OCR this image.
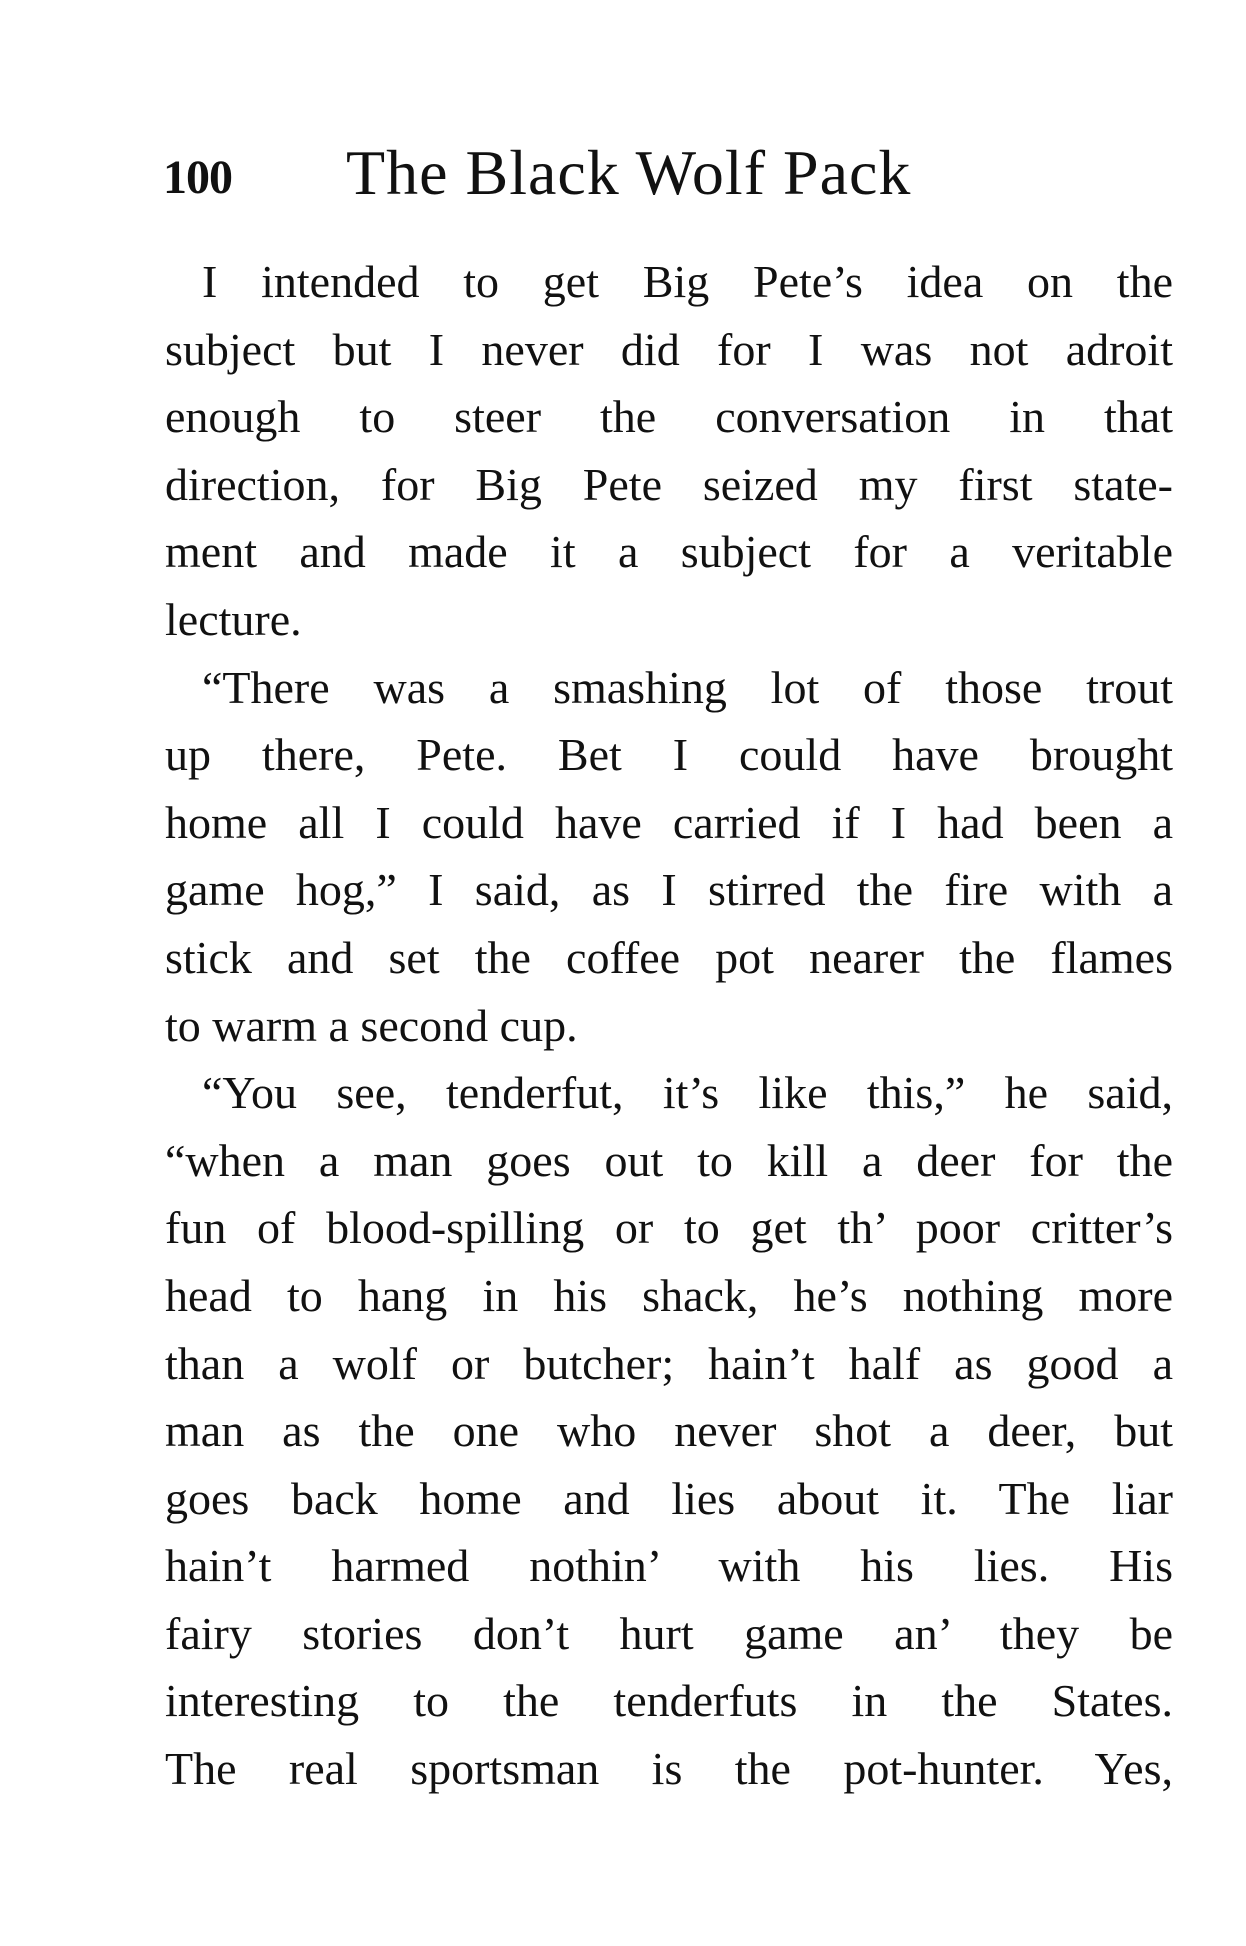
100 The Black Wolf Pack
I intended to get Big Pete’s idea on the
subject but I never did for I was not adroit
enough to steer the conversation in that
direction, for Big Pete seized my first state-
ment and made it a subject for a veritable
lecture.
“There was a smashing lot of those trout
up there, Pete. Bet I could have brought
home all I could have carried if I had been a
game hog,” I said, as I stirred the fire with a
stick and set the coffee pot nearer the flames
to warm a second cup.
“You see, tenderfut, it’s like this,” he said,
“when a man goes out to kill a deer for the
fun of blood-spilling or to get th’ poor critter’s
head to hang in his shack, he’s nothing more
than a wolf or butcher; hain’t half as good a
man as the one who never shot a deer, but
goes back home and lies about it. The liar
hain’t harmed nothin’ with his lies. His
fairy stories don’t hurt game an’ they be
interesting to the tenderfuts in the States.
The real sportsman is the pot-hunter. Yes,
